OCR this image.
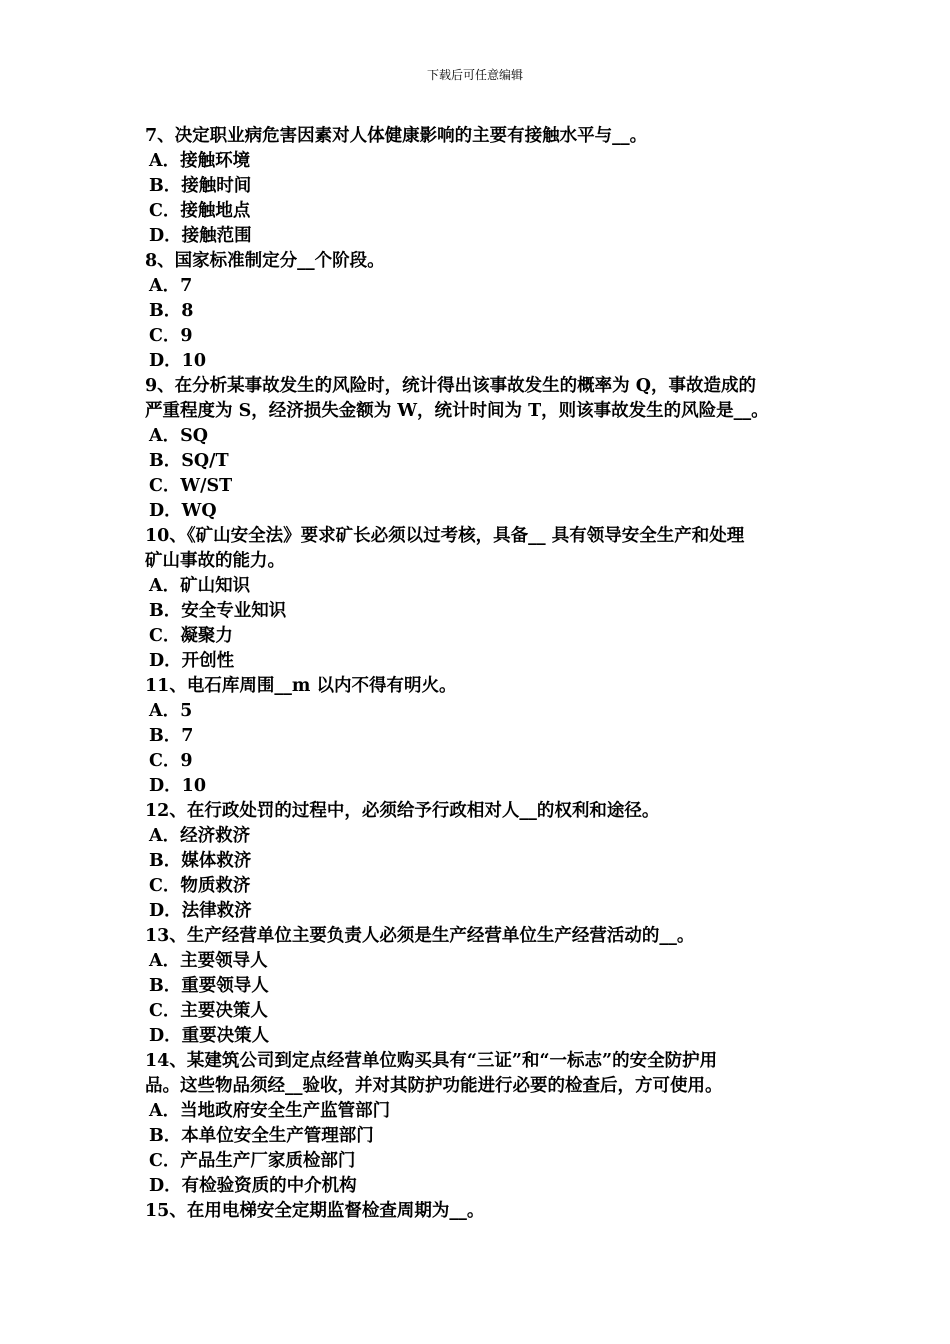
下载后可任意编辑
7、决定职业病危害因素对人体健康影响的主要有接触水平与__。
A．接触环境
B．接触时间
C．接触地点
D．接触范围
8、国家标准制定分__个阶段。
A．7
B．8
C．9
D．10
9、在分析某事故发生的风险时，统计得出该事故发生的概率为 Q，事故造成的
严重程度为 S，经济损失金额为 W，统计时间为 T，则该事故发生的风险是__。
A．SQ
B．SQ/T
C．W/ST
D．WQ
10、《矿山安全法》要求矿长必须以过考核，具备__ 具有领导安全生产和处理
矿山事故的能力。
A．矿山知识
B．安全专业知识
C．凝聚力
D．开创性
11、电石库周围__m 以内不得有明火。
A．5
B．7
C．9
D．10
12、在行政处罚的过程中，必须给予行政相对人__的权利和途径。
A．经济救济
B．媒体救济
C．物质救济
D．法律救济
13、生产经营单位主要负责人必须是生产经营单位生产经营活动的__。
A．主要领导人
B．重要领导人
C．主要决策人
D．重要决策人
14、某建筑公司到定点经营单位购买具有“三证”和“一标志”的安全防护用
品。这些物品须经__验收，并对其防护功能进行必要的检查后，方可使用。
A．当地政府安全生产监管部门
B．本单位安全生产管理部门
C．产品生产厂家质检部门
D．有检验资质的中介机构
15、在用电梯安全定期监督检查周期为__。
